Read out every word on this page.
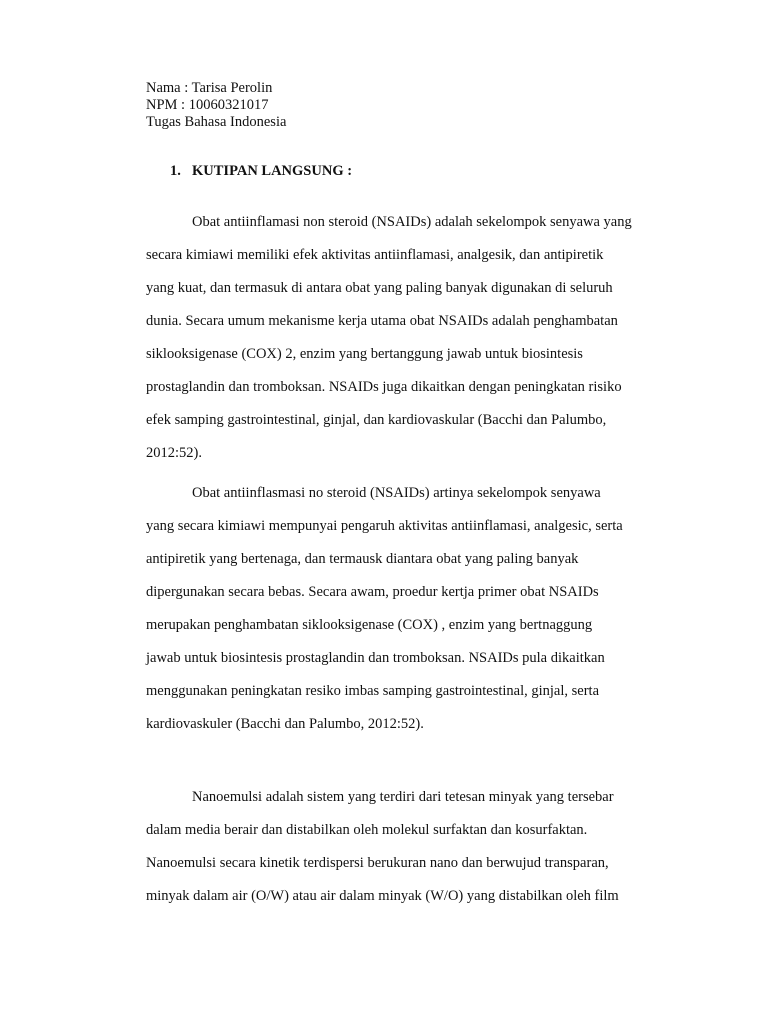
Nama : Tarisa Perolin
NPM : 10060321017
Tugas Bahasa Indonesia
1. KUTIPAN LANGSUNG :
Obat antiinflamasi non steroid (NSAIDs) adalah sekelompok senyawa yang
secara kimiawi memiliki efek aktivitas antiinflamasi, analgesik, dan antipiretik
yang kuat, dan termasuk di antara obat yang paling banyak digunakan di seluruh
dunia. Secara umum mekanisme kerja utama obat NSAIDs adalah penghambatan
siklooksigenase (COX) 2, enzim yang bertanggung jawab untuk biosintesis
prostaglandin dan tromboksan. NSAIDs juga dikaitkan dengan peningkatan risiko
efek samping gastrointestinal, ginjal, dan kardiovaskular (Bacchi dan Palumbo,
2012:52).
Obat antiinflasmasi no steroid (NSAIDs) artinya sekelompok senyawa
yang secara kimiawi mempunyai pengaruh aktivitas antiinflamasi, analgesic, serta
antipiretik yang bertenaga, dan termausk diantara obat yang paling banyak
dipergunakan secara bebas. Secara awam, proedur kertja primer obat NSAIDs
merupakan penghambatan siklooksigenase (COX) , enzim yang bertnaggung
jawab untuk biosintesis prostaglandin dan tromboksan. NSAIDs pula dikaitkan
menggunakan peningkatan resiko imbas samping gastrointestinal, ginjal, serta
kardiovaskuler (Bacchi dan Palumbo, 2012:52).
Nanoemulsi adalah sistem yang terdiri dari tetesan minyak yang tersebar
dalam media berair dan distabilkan oleh molekul surfaktan dan kosurfaktan.
Nanoemulsi secara kinetik terdispersi berukuran nano dan berwujud transparan,
minyak dalam air (O/W) atau air dalam minyak (W/O) yang distabilkan oleh film
